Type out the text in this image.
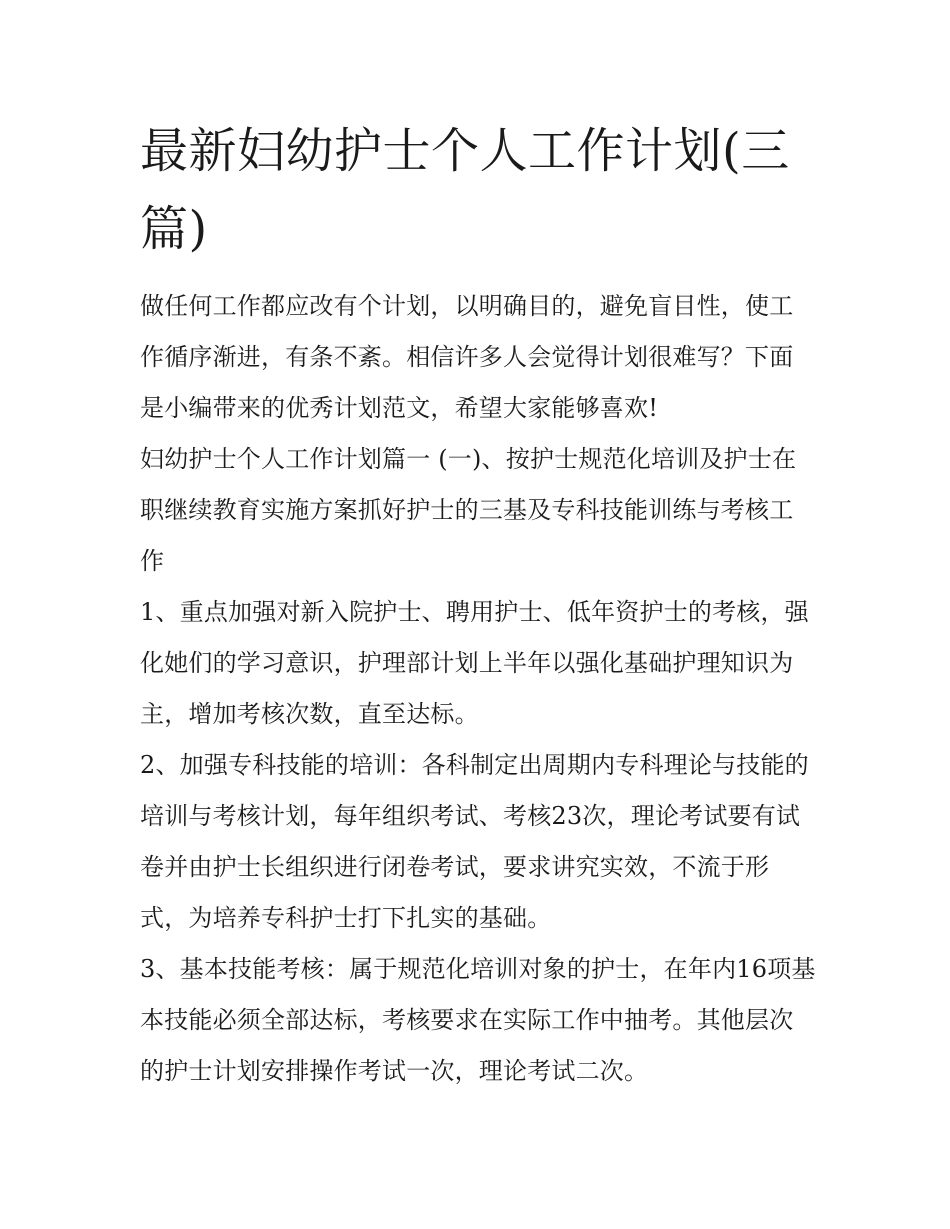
最新妇幼护士个人工作计划(三篇)

做任何工作都应改有个计划，以明确目的，避免盲目性，使工作循序渐进，有条不紊。相信许多人会觉得计划很难写？下面是小编带来的优秀计划范文，希望大家能够喜欢!

妇幼护士个人工作计划篇一 (一)、按护士规范化培训及护士在职继续教育实施方案抓好护士的三基及专科技能训练与考核工作

1、重点加强对新入院护士、聘用护士、低年资护士的考核，强化她们的学习意识，护理部计划上半年以强化基础护理知识为主，增加考核次数，直至达标。

2、加强专科技能的培训：各科制定出周期内专科理论与技能的培训与考核计划，每年组织考试、考核23次，理论考试要有试卷并由护士长组织进行闭卷考试，要求讲究实效，不流于形式，为培养专科护士打下扎实的基础。

3、基本技能考核：属于规范化培训对象的护士，在年内16项基本技能必须全部达标，考核要求在实际工作中抽考。其他层次的护士计划安排操作考试一次，理论考试二次。
